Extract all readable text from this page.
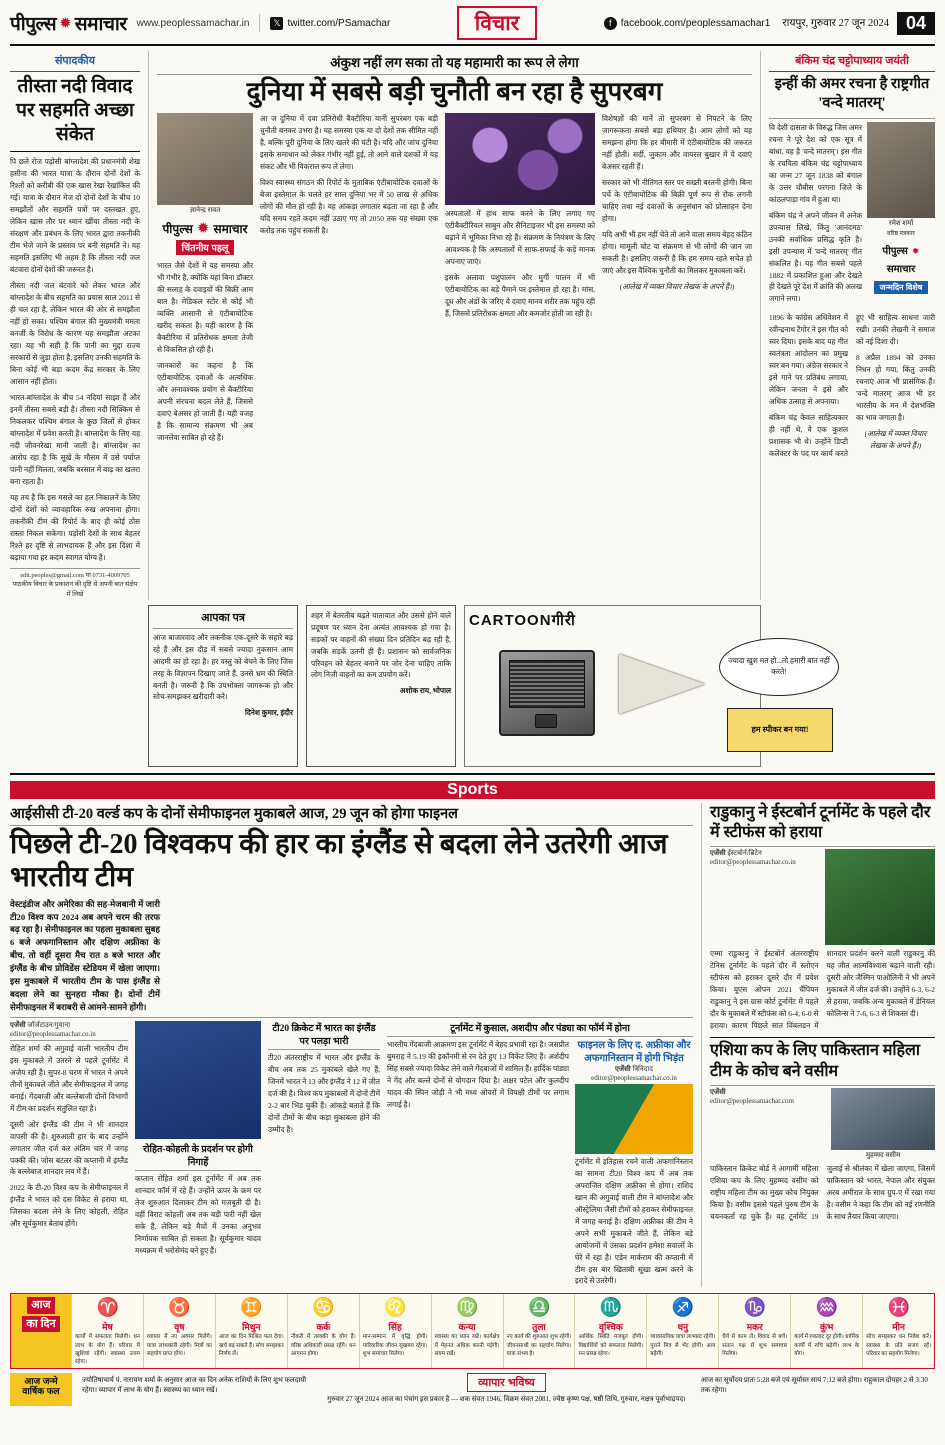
पीपुल्स ✹ समाचार www.peoplessamachar.in	𝕏 twitter.com/PSamachar	विचार	f facebook.com/peoplessamachar1 रायपुर, गुरुवार 27 जून 2024 04
संपादकीय
तीस्ता नदी विवाद पर सहमति अच्छा संकेत

पि छले रोज पड़ोसी बांग्लादेश की प्रधानमंत्री शेख हसीना की भारत यात्रा के दौरान दोनों देशों के रिश्तों को करीबी की एक खास रेखा रेखांकित की गई। यात्रा के दौरान मेज दो दोनों देशों के बीच 10 समझौतों और सहमति पत्रों पर दस्तखत हुए, लेकिन खास तौर पर ध्यान खींचा तीस्ता नदी के संरक्षण और प्रबंधन के लिए भारत द्वारा तकनीकी टीम भेजे जाने के प्रस्ताव पर बनी सहमति ने। यह सहमति इसलिए भी अहम है कि तीस्ता नदी जल बंटवारा दोनों देशों की जरूरत है।

तीस्ता नदी जल बंटवारे को लेकर भारत और बांग्लादेश के बीच सहमति का प्रयास साल 2011 से ही चल रहा है, लेकिन भारत की ओर से समझौता नहीं हो सका। पश्चिम बंगाल की मुख्यमंत्री ममता बनर्जी के विरोध के कारण यह समझौता अटका रहा। यह भी सही है कि पानी का मुद्दा राज्य सरकारों से जुड़ा होता है, इसलिए उनकी सहमति के बिना कोई भी बड़ा कदम केंद्र सरकार के लिए आसान नहीं होता।

भारत-बांग्लादेश के बीच 54 नदियां साझा हैं और इनमें तीस्ता सबसे बड़ी है। तीस्ता नदी सिक्किम से निकलकर पश्चिम बंगाल के कुछ जिलों से होकर बांग्लादेश में प्रवेश करती है। बांग्लादेश के लिए यह नदी जीवनरेखा मानी जाती है। बांग्लादेश का आरोप रहा है कि सूखे के मौसम में उसे पर्याप्त पानी नहीं मिलता, जबकि बरसात में बाढ़ का खतरा बना रहता है।

यह तय है कि इस मसले का हल निकालने के लिए दोनों देशों को व्यावहारिक रुख अपनाना होगा। तकनीकी टीम की रिपोर्ट के बाद ही कोई ठोस रास्ता निकल सकेगा। पड़ोसी देशों के साथ बेहतर रिश्ते हर दृष्टि से लाभदायक हैं और इस दिशा में बढ़ाया गया हर कदम स्वागत योग्य है।

edit.peoples@gmail.com या 0731-4009705
पाठकीय विचार के प्रकाशन की दृष्टि से अपनी बात संक्षेप में लिखें
अंकुश नहीं लग सका तो यह महामारी का रूप ले लेगा
दुनिया में सबसे बड़ी चुनौती बन रहा है सुपरबग
ज्ञानेन्द्र रावत
पीपुल्स ✹ समाचार
चिंतनीय पहलू

भारत जैसे देशों में यह समस्या और भी गंभीर है, क्योंकि यहां बिना डॉक्टर की सलाह के दवाइयों की बिक्री आम बात है। मेडिकल स्टोर से कोई भी व्यक्ति आसानी से एंटीबायोटिक खरीद सकता है। यही कारण है कि बैक्टीरिया में प्रतिरोधक क्षमता तेजी से विकसित हो रही है।

जानकारों का कहना है कि एंटीबायोटिक दवाओं के अत्यधिक और अनावश्यक प्रयोग से बैक्टीरिया अपनी संरचना बदल लेते हैं, जिससे दवाएं बेअसर हो जाती हैं। यही वजह है कि सामान्य संक्रमण भी अब जानलेवा साबित हो रहे हैं।

आ ज दुनिया में दवा प्रतिरोधी बैक्टीरिया यानी सुपरबग एक बड़ी चुनौती बनकर उभरा है। यह समस्या एक या दो देशों तक सीमित नहीं है, बल्कि पूरी दुनिया के लिए खतरे की घंटी है। यदि और जांच दुनिया इसके समाधान को लेकर गंभीर नहीं हुई, तो आने वाले दशकों में यह संकट और भी विकराल रूप ले लेगा।

विश्व स्वास्थ्य संगठन की रिपोर्ट के मुताबिक एंटीबायोटिक दवाओं के बेजा इस्तेमाल के चलते हर साल दुनिया भर में 50 लाख से अधिक लोगों की मौत हो रही है। यह आंकड़ा लगातार बढ़ता जा रहा है और यदि समय रहते कदम नहीं उठाए गए तो 2050 तक यह संख्या एक करोड़ तक पहुंच सकती है।

अस्पतालों में हाथ साफ करने के लिए लगाए गए एंटीबैक्टीरियल साबुन और सैनिटाइजर भी इस समस्या को बढ़ाने में भूमिका निभा रहे हैं। संक्रमण के नियंत्रण के लिए आवश्यक है कि अस्पतालों में साफ-सफाई के कड़े मानक अपनाए जाएं।

इसके अलावा पशुपालन और मुर्गी पालन में भी एंटीबायोटिक का बड़े पैमाने पर इस्तेमाल हो रहा है। मांस, दूध और अंडों के जरिए ये दवाएं मानव शरीर तक पहुंच रही हैं, जिससे प्रतिरोधक क्षमता और कमजोर होती जा रही है।

विशेषज्ञों की मानें तो सुपरबग से निपटने के लिए जागरूकता सबसे बड़ा हथियार है। आम लोगों को यह समझना होगा कि हर बीमारी में एंटीबायोटिक की जरूरत नहीं होती। सर्दी, जुकाम और वायरल बुखार में ये दवाएं बेअसर रहती हैं।

सरकार को भी नीतिगत स्तर पर सख्ती बरतनी होगी। बिना पर्चे के एंटीबायोटिक की बिक्री पूर्ण रूप से रोक लगनी चाहिए तथा नई दवाओं के अनुसंधान को प्रोत्साहन देना होगा।

यदि अभी भी हम नहीं चेते तो आने वाला समय बेहद कठिन होगा। मामूली चोट या संक्रमण से भी लोगों की जान जा सकती है। इसलिए जरूरी है कि हम समय रहते सचेत हो जाएं और इस वैश्विक चुनौती का मिलकर मुकाबला करें।

(आलेख में व्यक्त विचार लेखक के अपने हैं।)

बंकिम चंद्र चट्टोपाध्याय जयंती
इन्हीं की अमर रचना है राष्ट्रगीत 'वन्दे मातरम्'

वि देशी दासता के विरुद्ध जिस अमर रचना ने पूरे देश को एक सूत्र में बांधा, वह है 'वन्दे मातरम्'। इस गीत के रचयिता बंकिम चंद्र चट्टोपाध्याय का जन्म 27 जून 1838 को बंगाल के उत्तर चौबीस परगना जिले के कांठलपाड़ा गांव में हुआ था।

बंकिम चंद्र ने अपने जीवन में अनेक उपन्यास लिखे, किंतु 'आनंदमठ' उनकी सर्वाधिक प्रसिद्ध कृति है। इसी उपन्यास में 'वन्दे मातरम्' गीत संकलित है। यह गीत सबसे पहले 1882 में प्रकाशित हुआ और देखते ही देखते पूरे देश में क्रांति की अलख जगाने लगा।

रमेश शर्मा
वरिष्ठ पत्रकार
पीपुल्स ✹ समाचार
जन्मदिन विशेष

1896 के कांग्रेस अधिवेशन में रवीन्द्रनाथ टैगोर ने इस गीत को स्वर दिया। इसके बाद यह गीत स्वतंत्रता आंदोलन का प्रमुख स्वर बन गया। अंग्रेज सरकार ने इसे गाने पर प्रतिबंध लगाया, लेकिन जनता ने इसे और अधिक उत्साह से अपनाया।

बंकिम चंद्र केवल साहित्यकार ही नहीं थे, वे एक कुशल प्रशासक भी थे। उन्होंने डिप्टी कलेक्टर के पद पर कार्य करते हुए भी साहित्य साधना जारी रखी। उनकी लेखनी ने समाज को नई दिशा दी।

8 अप्रैल 1894 को उनका निधन हो गया, किंतु उनकी रचनाएं आज भी प्रासंगिक हैं। 'वन्दे मातरम्' आज भी हर भारतीय के मन में देशभक्ति का भाव जगाता है।

(आलेख में व्यक्त विचार लेखक के अपने हैं।)

आपका पत्र

आज बाजारवाद और तकनीक एक-दूसरे के सहारे बढ़ रहे हैं और इस दौड़ में सबसे ज्यादा नुकसान आम आदमी का हो रहा है। हर वस्तु को बेचने के लिए जिस तरह के विज्ञापन दिखाए जाते हैं, उनसे भ्रम की स्थिति बनती है। जरूरी है कि उपभोक्ता जागरूक हो और सोच-समझकर खरीदारी करे।

दिनेश कुमार, इंदौर

शहर में बेतरतीब बढ़ते यातायात और उससे होने वाले प्रदूषण पर ध्यान देना अत्यंत आवश्यक हो गया है। सड़कों पर वाहनों की संख्या दिन प्रतिदिन बढ़ रही है, जबकि सड़कें उतनी ही हैं। प्रशासन को सार्वजनिक परिवहन को बेहतर बनाने पर जोर देना चाहिए ताकि लोग निजी वाहनों का कम उपयोग करें।

अशोक राय, भोपाल

CARTOONगीरी
ज्यादा खुश मत हो...तो हमारी बात नहीं करते!
हम स्पीकर बन गया!
Sports
आईसीसी टी-20 वर्ल्ड कप के दोनों सेमीफाइनल मुकाबले आज, 29 जून को होगा फाइनल
पिछले टी-20 विश्वकप की हार का इंग्लैंड से बदला लेने उतरेगी आज भारतीय टीम
वेस्टइंडीज और अमेरिका की सह-मेजबानी में जारी टी20 विश्व कप 2024 अब अपने चरम की तरफ बढ़ रहा है। सेमीफाइनल का पहला मुकाबला सुबह 6 बजे अफगानिस्तान और दक्षिण अफ्रीका के बीच, तो वहीं दूसरा मैच रात 8 बजे भारत और इंग्लैंड के बीच प्रोविडेंस स्टेडियम में खेला जाएगा। इस मुकाबले में भारतीय टीम के पास इंग्लैंड से बदला लेने का सुनहरा मौका है। दोनों टीमें सेमीफाइनल में बराबरी से आमने-सामने होंगी।

एजेंसी जॉर्जटाउन/गुयाना
editor@peoplessamachar.co.in

रोहित शर्मा की अगुवाई वाली भारतीय टीम इस मुकाबले में उतरने से पहले टूर्नामेंट में अजेय रही है। सुपर-8 चरण में भारत ने अपने तीनों मुकाबले जीते और सेमीफाइनल में जगह बनाई। गेंदबाजी और बल्लेबाजी दोनों विभागों में टीम का प्रदर्शन संतुलित रहा है।

दूसरी ओर इंग्लैंड की टीम ने भी शानदार वापसी की है। शुरुआती हार के बाद उन्होंने लगातार जीत दर्ज कर अंतिम चार में जगह पक्की की। जोस बटलर की कप्तानी में इंग्लैंड के बल्लेबाज शानदार लय में हैं।

2022 के टी-20 विश्व कप के सेमीफाइनल में इंग्लैंड ने भारत को दस विकेट से हराया था, जिसका बदला लेने के लिए कोहली, रोहित और सूर्यकुमार बेताब होंगे।

रोहित-कोहली के प्रदर्शन पर होगी निगाहें
कप्तान रोहित शर्मा इस टूर्नामेंट में अब तक शानदार फॉर्म में रहे हैं। उन्होंने ऊपर के क्रम पर तेज शुरुआत दिलाकर टीम को मजबूती दी है। वहीं विराट कोहली अब तक बड़ी पारी नहीं खेल सके हैं, लेकिन बड़े मैचों में उनका अनुभव निर्णायक साबित हो सकता है। सूर्यकुमार यादव मध्यक्रम में भरोसेमंद बने हुए हैं।
टी20 क्रिकेट में भारत का इंग्लैंड पर पलड़ा भारी
टी20 अंतरराष्ट्रीय में भारत और इंग्लैंड के बीच अब तक 25 मुकाबले खेले गए हैं, जिनमें भारत ने 13 और इंग्लैंड ने 12 में जीत दर्ज की है। विश्व कप मुकाबलों में दोनों टीमें 2-2 बार भिड़ चुकी हैं। आंकड़े बताते हैं कि दोनों टीमों के बीच कड़ा मुकाबला होने की उम्मीद है।
टूर्नामेंट में कुसाल, अशदीप और पंड्या का फॉर्म में होना
भारतीय गेंदबाजी आक्रमण इस टूर्नामेंट में बेहद प्रभावी रहा है। जसप्रीत बुमराह ने 5.19 की इकॉनमी से रन देते हुए 13 विकेट लिए हैं। अर्शदीप सिंह सबसे ज्यादा विकेट लेने वाले गेंदबाजों में शामिल हैं। हार्दिक पांड्या ने गेंद और बल्ले दोनों से योगदान दिया है। अक्षर पटेल और कुलदीप यादव की स्पिन जोड़ी ने भी मध्य ओवरों में विपक्षी टीमों पर लगाम लगाई है।
फाइनल के लिए द. अफ्रीका और अफगानिस्तान में होगी भिड़ंत
एजेंसी त्रिनिदाद
editor@peoplessamachar.co.in
टूर्नामेंट में इतिहास रचने वाली अफगानिस्तान का सामना टी20 विश्व कप में अब तक अपराजित दक्षिण अफ्रीका से होगा। राशिद खान की अगुवाई वाली टीम ने बांग्लादेश और ऑस्ट्रेलिया जैसी टीमों को हराकर सेमीफाइनल में जगह बनाई है। दक्षिण अफ्रीका की टीम ने अपने सभी मुकाबले जीते हैं, लेकिन बड़े आयोजनों में उसका प्रदर्शन हमेशा सवालों के घेरे में रहा है। एडेन मार्कराम की कप्तानी में टीम इस बार खिताबी सूखा खत्म करने के इरादे से उतरेगी।
राडुकानु ने ईस्टबोर्न टूर्नामेंट के पहले दौर में स्टीफंस को हराया
एजेंसी ईस्टबोर्न/ब्रिटेन
editor@peoplessamachar.co.in
एम्मा राडुकानु ने ईस्टबोर्न अंतरराष्ट्रीय टेनिस टूर्नामेंट के पहले दौर में स्लोएन स्टीफंस को हराकर दूसरे दौर में प्रवेश किया। यूएस ओपन 2021 चैंपियन राडुकानु ने इस ग्रास कोर्ट टूर्नामेंट में पहले दौर के मुकाबले में स्टीफंस को 6-4, 6-0 से हराया। कारण पिछले सात विंबलडन में शानदार प्रदर्शन करने वाली राडुकानु की यह जीत आत्मविश्वास बढ़ाने वाली रही। दूसरी ओर जैस्मिन पाओलिनी ने भी अपने मुकाबले में जीत दर्ज की। उन्होंने 6-3, 6-2 से हराया, जबकि अन्य मुकाबले में डेनियल कोलिन्स ने 7-6, 6-3 से शिकस्त दी।
एशिया कप के लिए पाकिस्तान महिला टीम के कोच बने वसीम
एजेंसी
editor@peoplessamachar.com
मुहम्मद वसीम
पाकिस्तान क्रिकेट बोर्ड ने आगामी महिला एशिया कप के लिए मुहम्मद वसीम को राष्ट्रीय महिला टीम का मुख्य कोच नियुक्त किया है। वसीम इससे पहले पुरुष टीम के चयनकर्ता रह चुके हैं। यह टूर्नामेंट 19 जुलाई से श्रीलंका में खेला जाएगा, जिसमें पाकिस्तान को भारत, नेपाल और संयुक्त अरब अमीरात के साथ ग्रुप-ए में रखा गया है। वसीम ने कहा कि टीम को नई रणनीति के साथ तैयार किया जाएगा।
आज
का दिन
♈
मेष
कार्यों में सफलता मिलेगी। धन लाभ के योग हैं। परिवार में खुशियां रहेंगी। स्वास्थ्य उत्तम रहेगा।
♉
वृष
व्यापार में नए अवसर मिलेंगे। यात्रा लाभकारी रहेगी। मित्रों का सहयोग प्राप्त होगा।
♊
मिथुन
आज का दिन मिश्रित फल देगा। खर्च बढ़ सकते हैं। सोच समझकर निर्णय लें।
♋
कर्क
नौकरी में तरक्की के योग हैं। वरिष्ठ अधिकारी प्रसन्न रहेंगे। धन आगमन होगा।
♌
सिंह
मान-सम्मान में वृद्धि होगी। पारिवारिक जीवन सुखमय रहेगा। शुभ समाचार मिलेगा।
♍
कन्या
स्वास्थ्य का ध्यान रखें। कार्यक्षेत्र में मेहनत अधिक करनी पड़ेगी। संयम रखें।
♎
तुला
नए कार्य की शुरुआत शुभ रहेगी। जीवनसाथी का सहयोग मिलेगा। यात्रा संभव है।
♏
वृश्चिक
आर्थिक स्थिति मजबूत होगी। विद्यार्थियों को सफलता मिलेगी। मन प्रसन्न रहेगा।
♐
धनु
व्यावसायिक यात्रा लाभप्रद रहेगी। पुराने मित्र से भेंट होगी। आय बढ़ेगी।
♑
मकर
धैर्य से काम लें। विवाद से बचें। संतान पक्ष से शुभ समाचार मिलेगा।
♒
कुंभ
कार्य में रुकावट दूर होगी। धार्मिक कार्यों में रुचि बढ़ेगी। लाभ के योग।
♓
मीन
सोच समझकर धन निवेश करें। स्वास्थ्य के प्रति सजग रहें। परिवार का सहयोग मिलेगा।
आज जन्मे
वार्षिक फल
ज्योतिषाचार्य पं. नारायण शर्मा के अनुसार आज का दिन अनेक राशियों के लिए शुभ फलदायी रहेगा। व्यापार में लाभ के योग हैं। स्वास्थ्य का ध्यान रखें।
व्यापार भविष्य
गुरुवार 27 जून 2024 आज का पंचांग इस प्रकार है — शक संवत 1946, विक्रम संवत 2081, ज्येष्ठ कृष्ण पक्ष, षष्ठी तिथि, गुरुवार, नक्षत्र पूर्वाभाद्रपद।
आज का सूर्योदय प्रातः 5:28 बजे एवं सूर्यास्त सायं 7:12 बजे होगा। राहुकाल दोपहर 2 से 3:30 तक रहेगा।
